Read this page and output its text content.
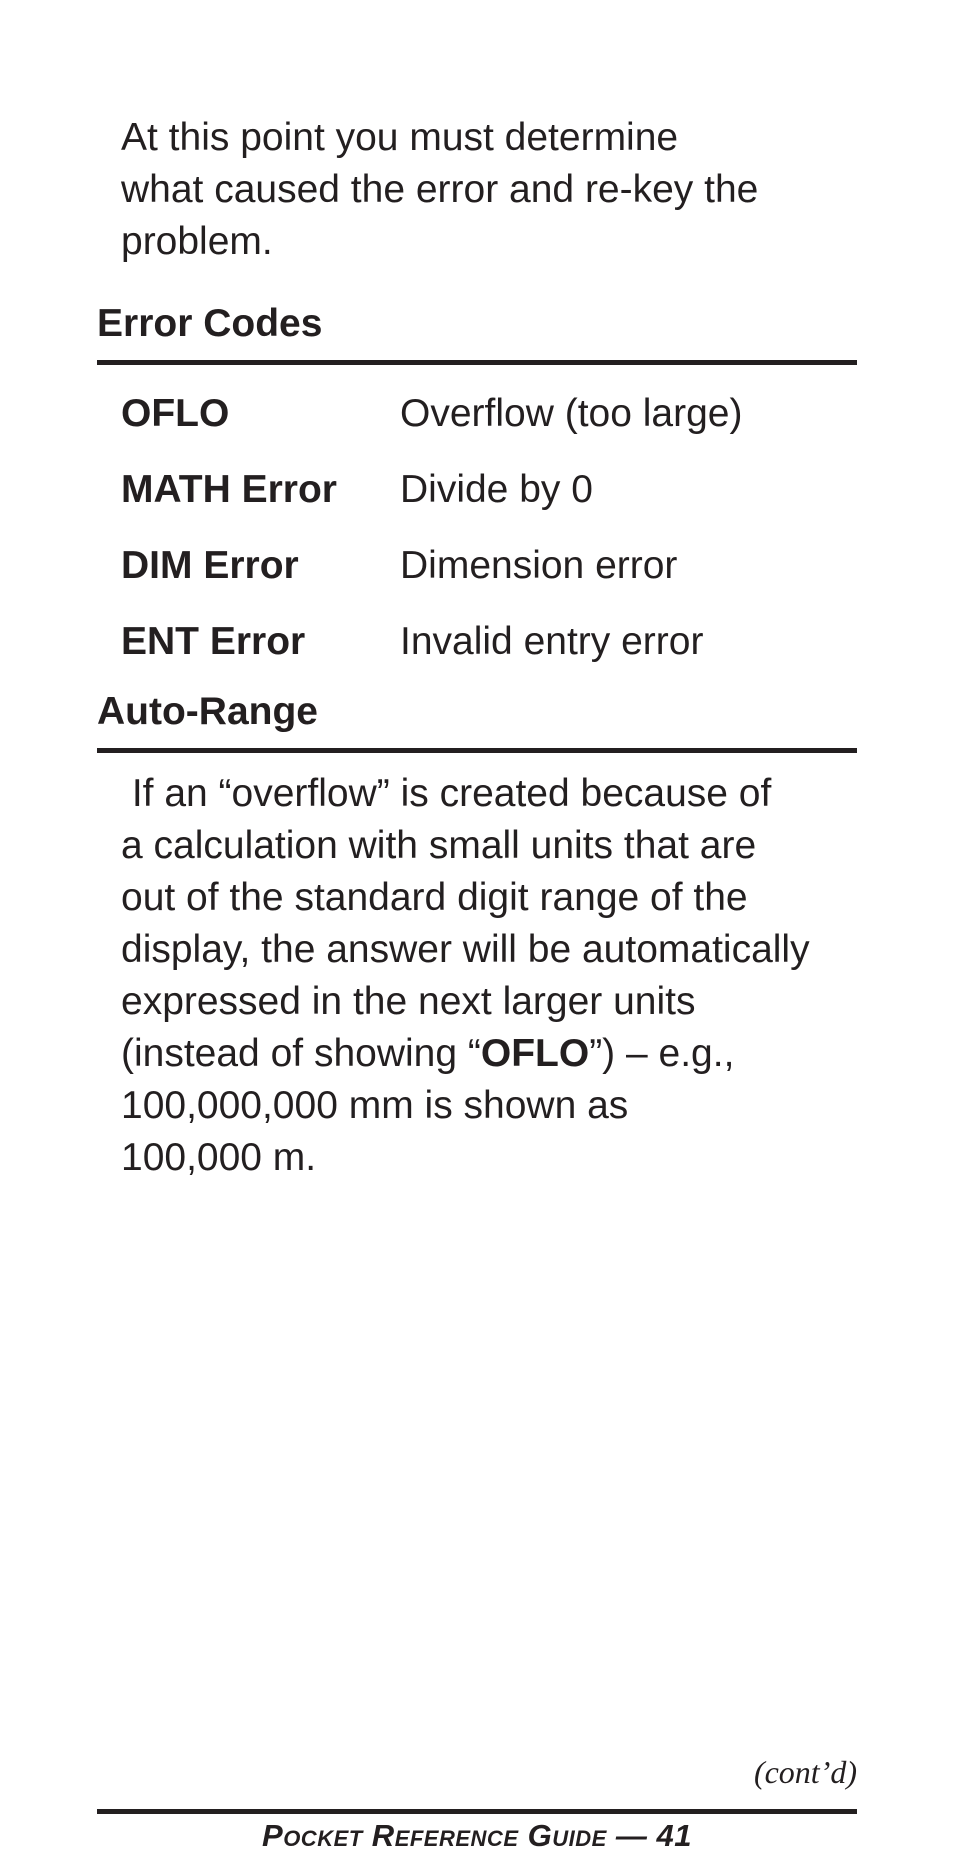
At this point you must determine
what caused the error and re-key the
problem.

Error Codes
OFLO	Overflow (too large)
MATH Error	Divide by 0
DIM Error	Dimension error
ENT Error	Invalid entry error
Auto-Range

If an “overflow” is created because of
a calculation with small units that are
out of the standard digit range of the
display, the answer will be automatically
expressed in the next larger units
(instead of showing “OFLO”) – e.g.,
100,000,000 mm is shown as
100,000 m.

(cont’d)
Pocket Reference Guide — 41
